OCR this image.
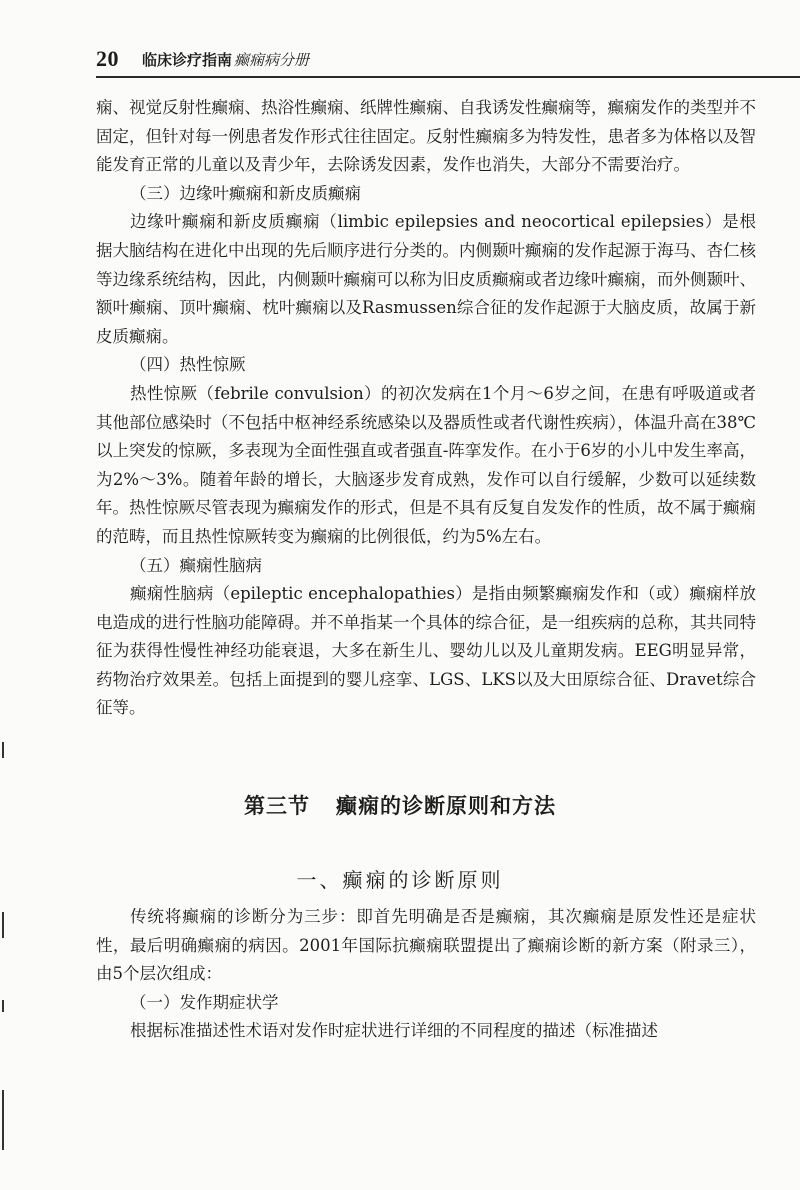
20 临床诊疗指南 癫痫病分册

痫、视觉反射性癫痫、热浴性癫痫、纸牌性癫痫、自我诱发性癫痫等，癫痫发作的类型并不固定，但针对每一例患者发作形式往往固定。反射性癫痫多为特发性，患者多为体格以及智能发育正常的儿童以及青少年，去除诱发因素，发作也消失，大部分不需要治疗。

（三）边缘叶癫痫和新皮质癫痫

边缘叶癫痫和新皮质癫痫（limbic epilepsies and neocortical epilepsies）是根据大脑结构在进化中出现的先后顺序进行分类的。内侧颞叶癫痫的发作起源于海马、杏仁核等边缘系统结构，因此，内侧颞叶癫痫可以称为旧皮质癫痫或者边缘叶癫痫，而外侧颞叶、额叶癫痫、顶叶癫痫、枕叶癫痫以及Rasmussen综合征的发作起源于大脑皮质，故属于新皮质癫痫。

（四）热性惊厥

热性惊厥（febrile convulsion）的初次发病在1个月～6岁之间，在患有呼吸道或者其他部位感染时（不包括中枢神经系统感染以及器质性或者代谢性疾病），体温升高在38℃以上突发的惊厥，多表现为全面性强直或者强直-阵挛发作。在小于6岁的小儿中发生率高，为2%～3%。随着年龄的增长，大脑逐步发育成熟，发作可以自行缓解，少数可以延续数年。热性惊厥尽管表现为癫痫发作的形式，但是不具有反复自发发作的性质，故不属于癫痫的范畴，而且热性惊厥转变为癫痫的比例很低，约为5%左右。

（五）癫痫性脑病

癫痫性脑病（epileptic encephalopathies）是指由频繁癫痫发作和（或）癫痫样放电造成的进行性脑功能障碍。并不单指某一个具体的综合征，是一组疾病的总称，其共同特征为获得性慢性神经功能衰退，大多在新生儿、婴幼儿以及儿童期发病。EEG明显异常，药物治疗效果差。包括上面提到的婴儿痉挛、LGS、LKS以及大田原综合征、Dravet综合征等。

第三节 癫痫的诊断原则和方法
一、癫痫的诊断原则

传统将癫痫的诊断分为三步：即首先明确是否是癫痫，其次癫痫是原发性还是症状性，最后明确癫痫的病因。2001年国际抗癫痫联盟提出了癫痫诊断的新方案（附录三），由5个层次组成：

（一）发作期症状学

根据标准描述性术语对发作时症状进行详细的不同程度的描述（标准描述
